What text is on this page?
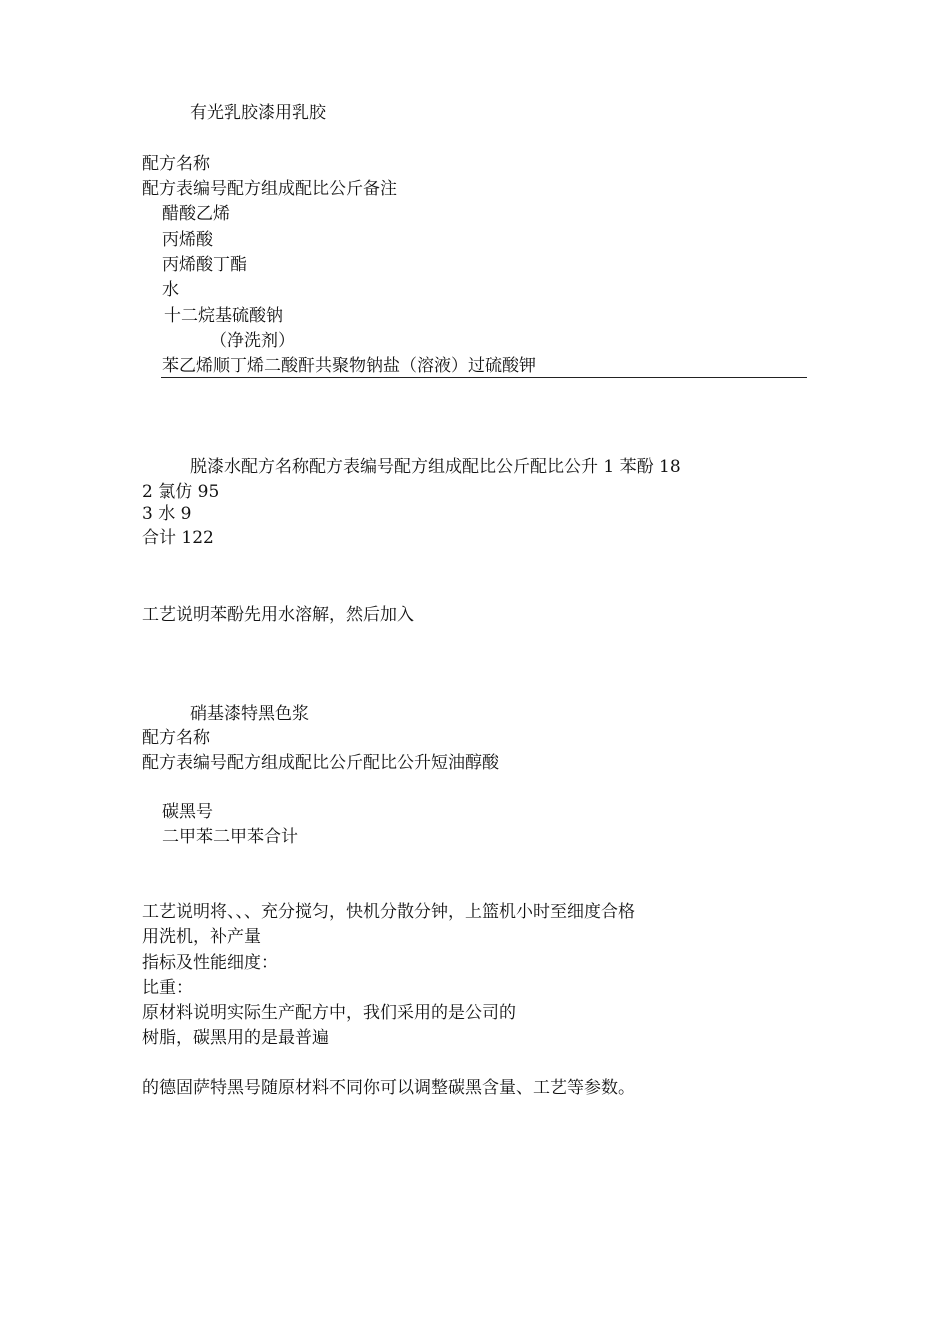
有光乳胶漆用乳胶
配方名称
配方表编号配方组成配比公斤备注
醋酸乙烯
丙烯酸
丙烯酸丁酯
水
十二烷基硫酸钠
（净洗剂）
苯乙烯顺丁烯二酸酐共聚物钠盐（溶液）过硫酸钾
脱漆水配方名称配方表编号配方组成配比公斤配比公升 1 苯酚 18
2 氯仿 95
3 水 9
合计 122
工艺说明苯酚先用水溶解，然后加入
硝基漆特黑色浆
配方名称
配方表编号配方组成配比公斤配比公升短油醇酸
碳黑号
二甲苯二甲苯合计
工艺说明将、、、充分搅匀，快机分散分钟，上篮机小时至细度合格
用洗机，补产量
指标及性能细度：
比重：
原材料说明实际生产配方中，我们采用的是公司的
树脂，碳黑用的是最普遍
的德固萨特黑号随原材料不同你可以调整碳黑含量、工艺等参数。
